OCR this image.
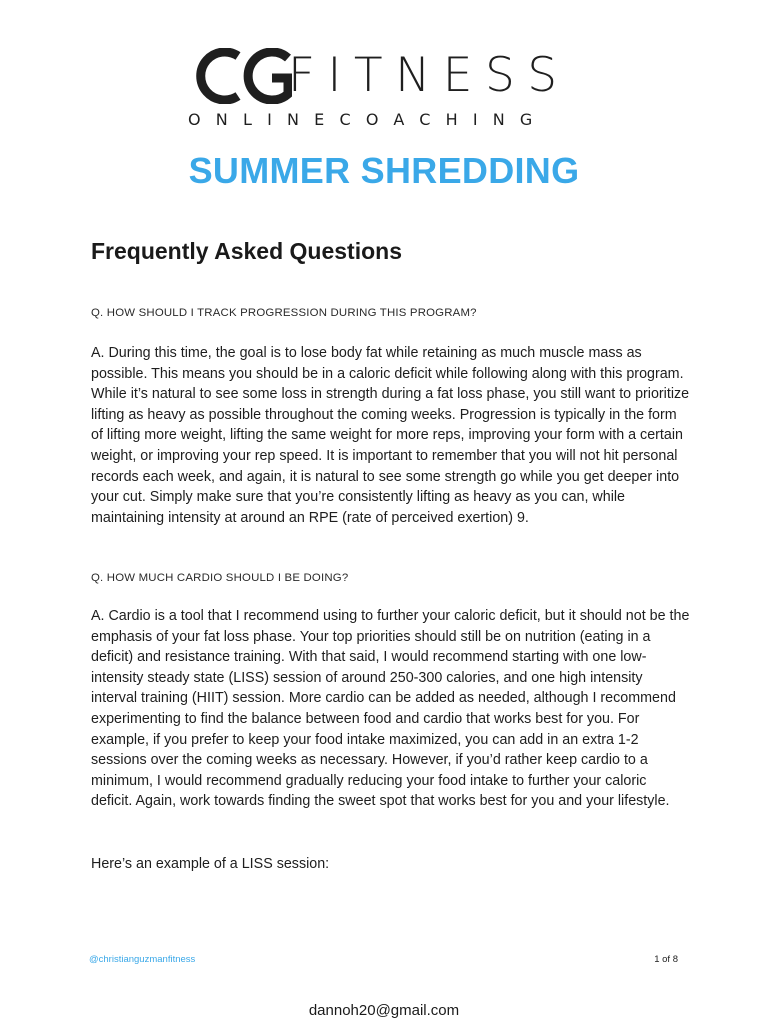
FITNESS
ONLINECOACHING
SUMMER SHREDDING
Frequently Asked Questions
Q. HOW SHOULD I TRACK PROGRESSION DURING THIS PROGRAM?

A. During this time, the goal is to lose body fat while retaining as much muscle mass as possible. This means you should be in a caloric deficit while following along with this program. While it’s natural to see some loss in strength during a fat loss phase, you still want to prioritize lifting as heavy as possible throughout the coming weeks. Progression is typically in the form of lifting more weight, lifting the same weight for more reps, improving your form with a certain weight, or improving your rep speed. It is important to remember that you will not hit personal records each week, and again, it is natural to see some strength go while you get deeper into your cut. Simply make sure that you’re consistently lifting as heavy as you can, while maintaining intensity at around an RPE (rate of perceived exertion) 9.

Q. HOW MUCH CARDIO SHOULD I BE DOING?

A. Cardio is a tool that I recommend using to further your caloric deficit, but it should not be the emphasis of your fat loss phase. Your top priorities should still be on nutrition (eating in a deficit) and resistance training. With that said, I would recommend starting with one low-intensity steady state (LISS) session of around 250-300 calories, and one high intensity interval training (HIIT) session. More cardio can be added as needed, although I recommend experimenting to find the balance between food and cardio that works best for you. For example, if you prefer to keep your food intake maximized, you can add in an extra 1-2 sessions over the coming weeks as necessary. However, if you’d rather keep cardio to a minimum, I would recommend gradually reducing your food intake to further your caloric deficit. Again, work towards finding the sweet spot that works best for you and your lifestyle.

Here’s an example of a LISS session:
@christianguzmanfitness	1 of 8
dannoh20@gmail.com
